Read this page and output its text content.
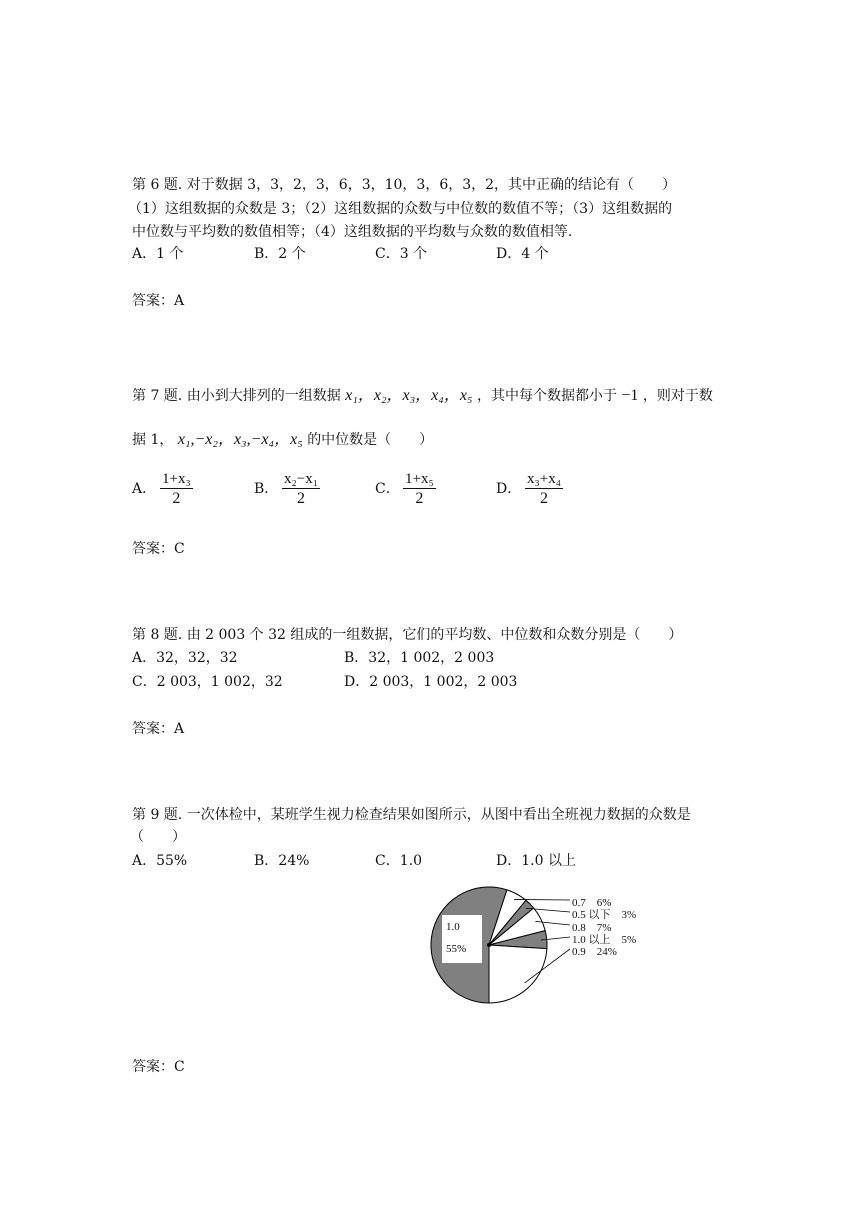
第 6 题. 对于数据 3，3，2，3，6，3，10，3，6，3，2，其中正确的结论有（　　）
（1）这组数据的众数是 3；（2）这组数据的众数与中位数的数值不等；（3）这组数据的
中位数与平均数的数值相等；（4）这组数据的平均数与众数的数值相等.
A．1 个	B．2 个	C．3 个	D．4 个
答案：A
第 7 题. 由小到大排列的一组数据 x₁，x₂，x₃，x₄，x₅ ，其中每个数据都小于 −1 ，则对于数
据 1， x₁,−x₂，x₃,−x₄，x₅ 的中位数是（　　）
A． $\frac{\text{1+x₃}}{2}$	B． $\frac{\text{x₂−x₁}}{2}$	C． $\frac{\text{1+x₅}}{2}$	D． $\frac{\text{x₃+x₄}}{2}$
答案：C
第 8 题. 由 2 003 个 32 组成的一组数据，它们的平均数、中位数和众数分别是（　　）
A．32，32，32	B．32，1 002，2 003
C．2 003，1 002，32	D．2 003，1 002，2 003
答案：A
第 9 题. 一次体检中，某班学生视力检查结果如图所示，从图中看出全班视力数据的众数是
（　　）
A．55%	B．24%	C．1.0	D．1.0 以上
1.0
55%
0.7　6%
0.5 以下　3%
0.8　7%
1.0 以上　5%
0.9　24%
答案：C
